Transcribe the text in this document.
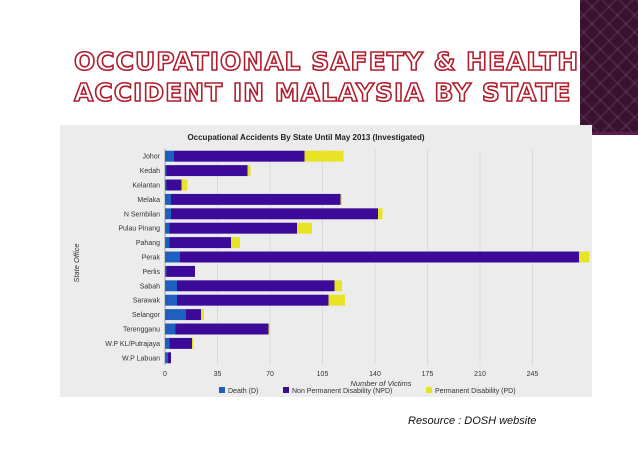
OCCUPATIONAL SAFETY & HEALTH
ACCIDENT IN MALAYSIA BY STATE
Occupational Accidents By State Until May 2013 (Investigated)
Number of Victims
State Office
Johor
Kedah
Kelantan
Melaka
N Sembilan
Pulau Pinang
Pahang
Perak
Perlis
Sabah
Sarawak
Selangor
Terengganu
W.P KL/Putrajaya
W.P Labuan
0	35	70	105	140	175	210	245
Death (D)	Non Permanent Disability (NPD)	Permanent Disability (PD)
Resource : DOSH website
